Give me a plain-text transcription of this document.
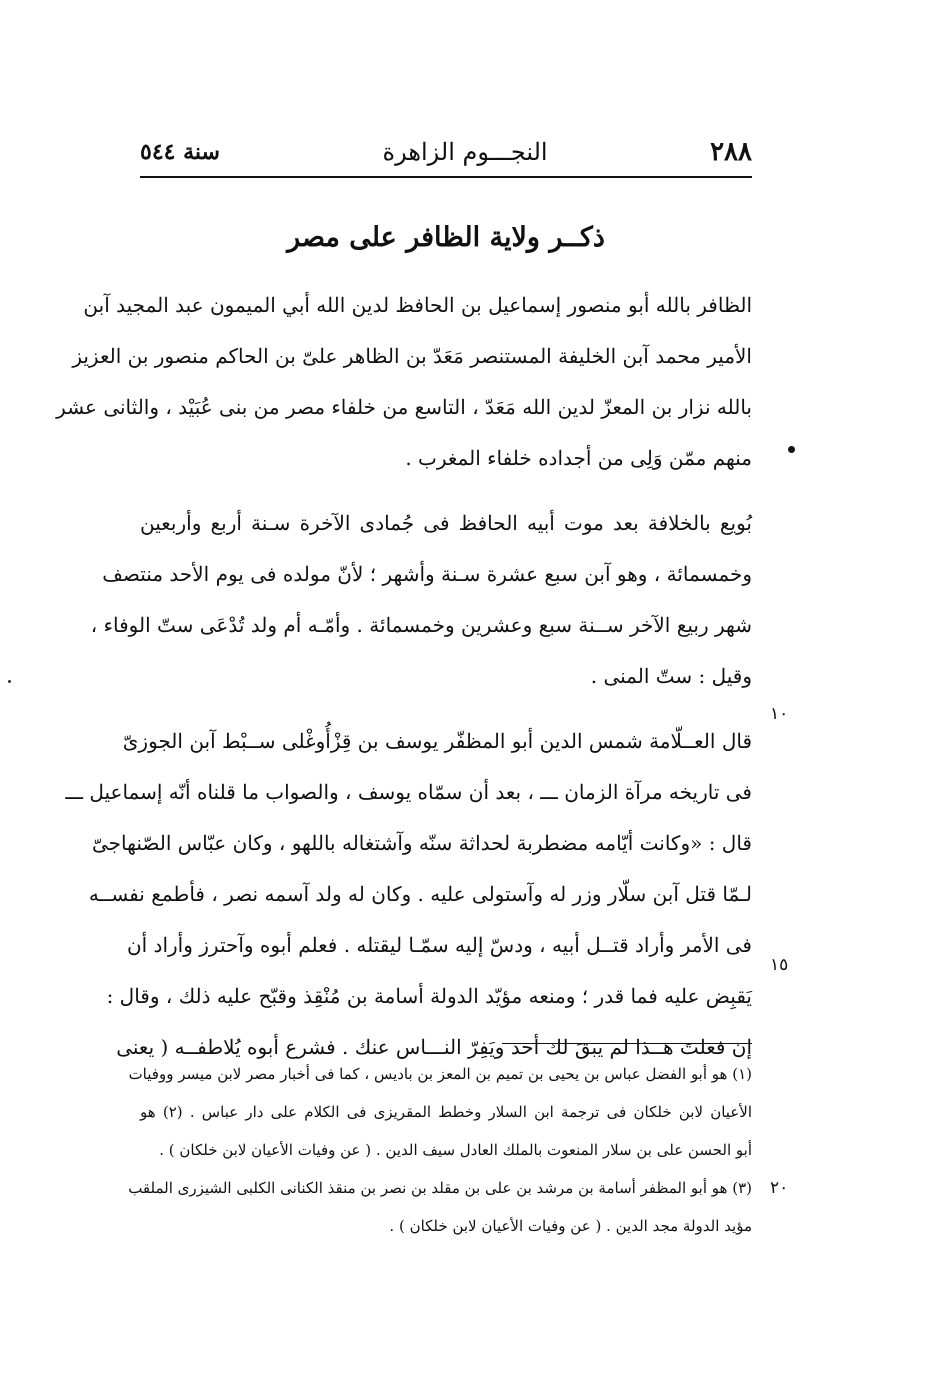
٢٨٨
النجـــوم الزاهرة
سنة ٥٤٤
ذكــر ولاية الظافر على مصر
الظافر بالله أبو منصور إسماعيل بن الحافظ لدين الله أبي الميمون عبد المجيد آبن
الأمير محمد آبن الخليفة المستنصر مَعَدّ بن الظاهر علىّ بن الحاكم منصور بن العزيز
بالله نزار بن المعزّ لدين الله مَعَدّ ، التاسع من خلفاء مصر من بنى عُبَيْد ، والثانى عشر
منهم ممّن وَلِى من أجداده خلفاء المغرب .
بُويع بالخلافة بعد موت أبيه الحافظ فى جُمادى الآخرة سـنة أربع وأربعين
وخمسمائة ، وهو آبن سبع عشرة سـنة وأشهر ؛ لأنّ مولده فى يوم الأحد منتصف
شهر ربيع الآخر ســنة سبع وعشرين وخمسمائة . وأمّـه أم ولد تُدْعَى ستّ الوفاء ،
وقيل : ستّ المنى .
قال العــلّامة شمس الدين أبو المظفّر يوسف بن قِزْأُوغْلى ســبْط آبن الجوزىّ
فى تاريخه مرآة الزمان ـــ ، بعد أن سمّاه يوسف ، والصواب ما قلناه أنّه إسماعيل ـــ
قال : «وكانت أيّامه مضطربة لحداثة سنّه وآشتغاله باللهو ، وكان عبّاس الصّنهاجىّ
لـمّا قتل آبن سلّار وزر له وآستولى عليه . وكان له ولد آسمه نصر ، فأطمع نفســه
فى الأمر وأراد قتــل أبيه ، ودسّ إليه سمّـا ليقتله . فعلم أبوه وآحترز وأراد أن
يَقبِض عليه فما قدر ؛ ومنعه مؤيّد الدولة أسامة بن مُنْقِذ وقبّح عليه ذلك ، وقال :
إن فعلتَ هــذا لم يبقَ لك أحد ويَفِرّ النـــاس عنك . فشرع أبوه يُلاطفــه ( يعنى
١٠
١٥
٢٠
(١) هو أبو الفضل عباس بن يحيى بن تميم بن المعز بن باديس ، كما فى أخبار مصر لابن ميسر ووفيات
الأعيان لابن خلكان فى ترجمة ابن السلار وخطط المقريزى فى الكلام على دار عباس . (٢) هو
أبو الحسن على بن سلار المنعوت بالملك العادل سيف الدين . ( عن وفيات الأعيان لابن خلكان ) .
(٣) هو أبو المظفر أسامة بن مرشد بن على بن مقلد بن نصر بن منقذ الكنانى الكلبى الشيزرى الملقب
مؤيد الدولة مجد الدين . ( عن وفيات الأعيان لابن خلكان ) .
